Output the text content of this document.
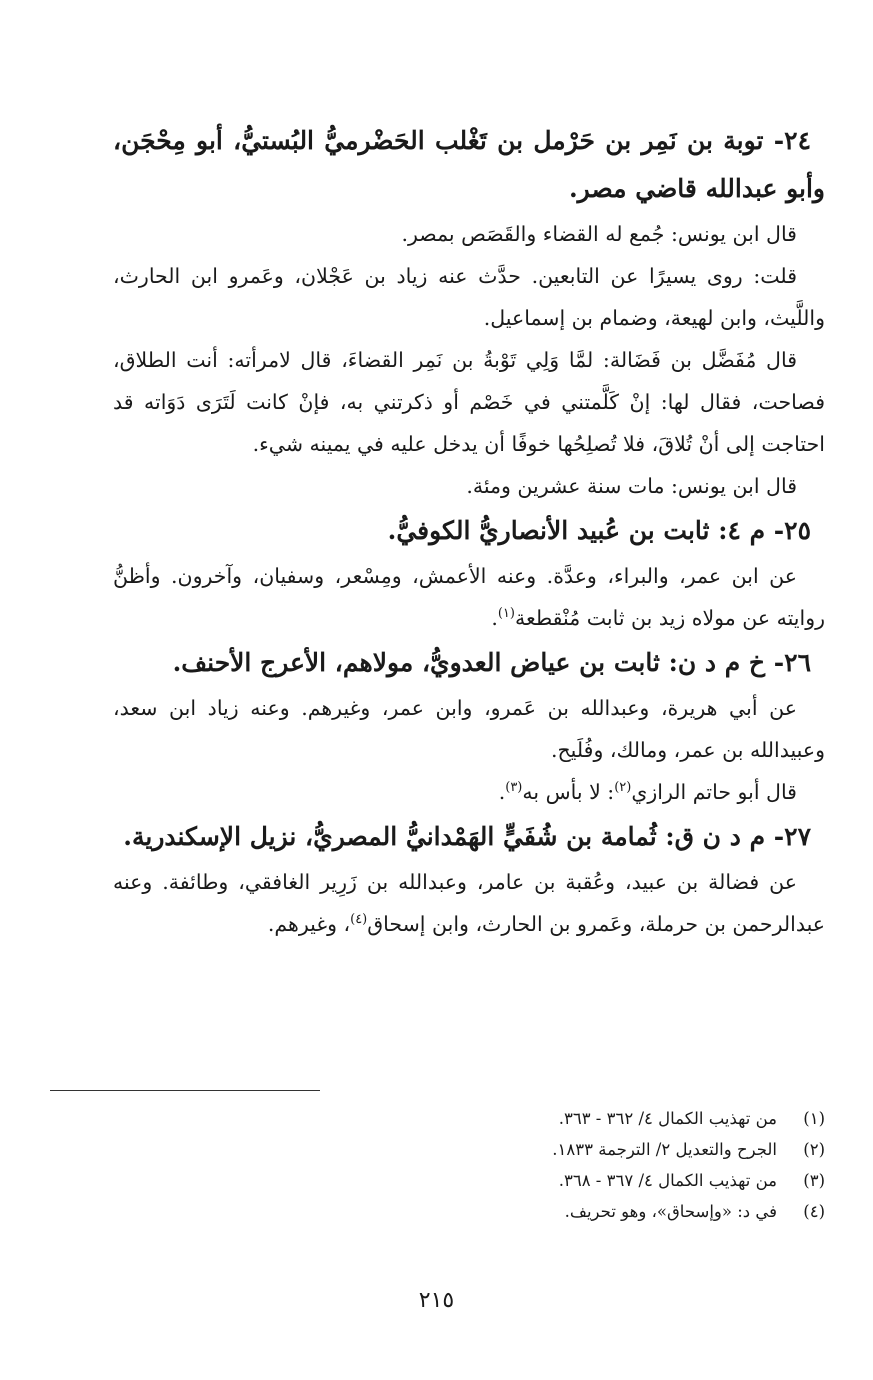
٢٤- توبة بن نَمِر بن حَرْمل بن تَغْلب الحَضْرميُّ البُستيُّ، أبو مِحْجَن، وأبو عبدالله قاضي مصر.

قال ابن يونس: جُمع له القضاء والقَصَص بمصر.

قلت: روى يسيرًا عن التابعين. حدَّث عنه زياد بن عَجْلان، وعَمرو ابن الحارث، واللَّيث، وابن لهيعة، وضمام بن إسماعيل.

قال مُفَضَّل بن فَضَالة: لمَّا وَلِي تَوْبةُ بن نَمِر القضاءَ، قال لامرأته: أنت الطلاق، فصاحت، فقال لها: إنْ كَلَّمتني في خَصْم أو ذكرتني به، فإنْ كانت لَتَرَى دَوَاته قد احتاجت إلى أنْ تُلاقَ، فلا تُصلِحُها خوفًا أن يدخل عليه في يمينه شيء.

قال ابن يونس: مات سنة عشرين ومئة.

٢٥- م ٤: ثابت بن عُبيد الأنصاريُّ الكوفيُّ.

عن ابن عمر، والبراء، وعدَّة. وعنه الأعمش، ومِسْعر، وسفيان، وآخرون. وأظنُّ روايته عن مولاه زيد بن ثابت مُنْقطعة$^{(١)}$.

٢٦- خ م د ن: ثابت بن عياض العدويُّ، مولاهم، الأعرج الأحنف.

عن أبي هريرة، وعبدالله بن عَمرو، وابن عمر، وغيرهم. وعنه زياد ابن سعد، وعبيدالله بن عمر، ومالك، وفُلَيح.

قال أبو حاتم الرازي$^{(٢)}$: لا بأس به$^{(٣)}$.

٢٧- م د ن ق: ثُمامة بن شُفَيٍّ الهَمْدانيُّ المصريُّ، نزيل الإسكندرية.

عن فضالة بن عبيد، وعُقبة بن عامر، وعبدالله بن زَرِير الغافقي، وطائفة. وعنه عبدالرحمن بن حرملة، وعَمرو بن الحارث، وابن إسحاق$^{(٤)}$، وغيرهم.

(١)
من تهذيب الكمال ٤/ ٣٦٢ - ٣٦٣.
(٢)
الجرح والتعديل ٢/ الترجمة ١٨٣٣.
(٣)
من تهذيب الكمال ٤/ ٣٦٧ - ٣٦٨.
(٤)
في د: «وإسحاق»، وهو تحريف.
٢١٥
